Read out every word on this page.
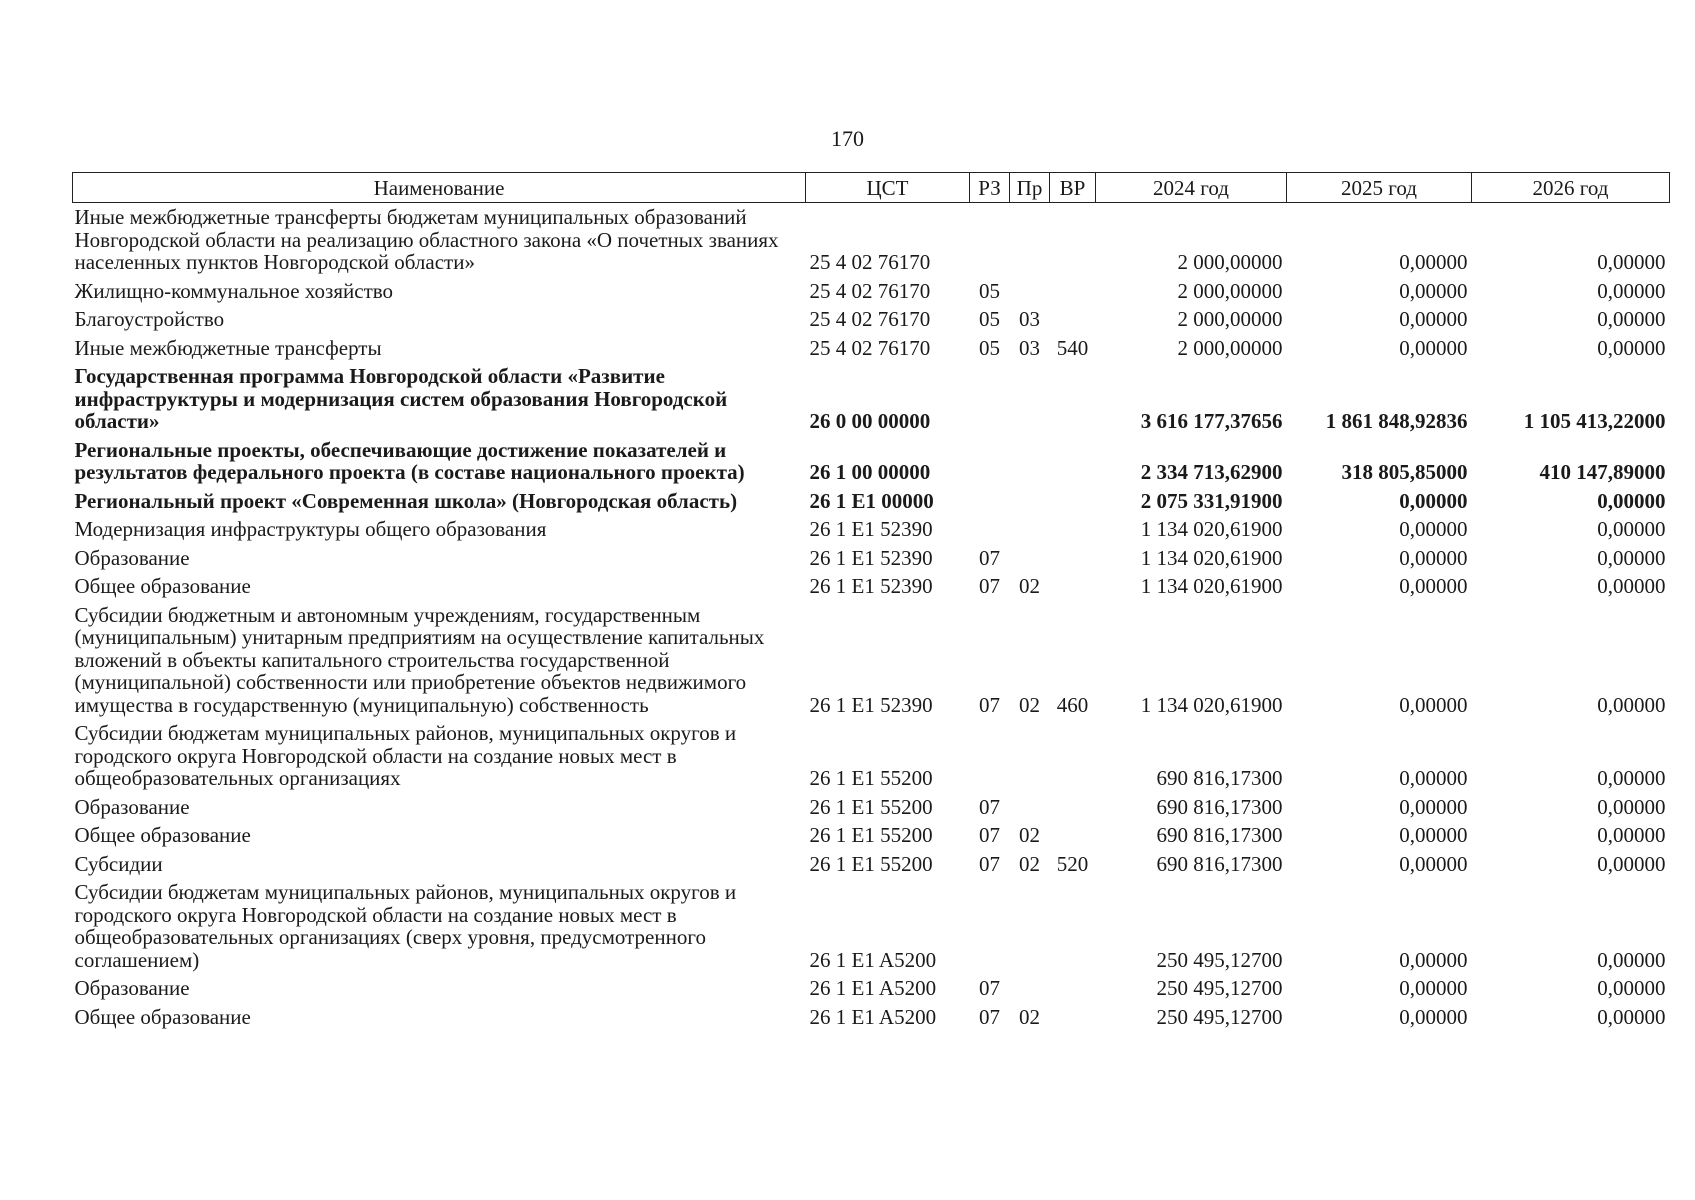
170
Наименование	ЦСТ	РЗ	Пр	ВР	2024 год	2025 год	2026 год
Иные межбюджетные трансферты бюджетам муниципальных образований Новгородской области на реализацию областного закона «О почетных званиях населенных пунктов Новгородской области»	25 4 02 76170				2 000,00000	0,00000	0,00000
Жилищно-коммунальное хозяйство	25 4 02 76170	05			2 000,00000	0,00000	0,00000
Благоустройство	25 4 02 76170	05	03		2 000,00000	0,00000	0,00000
Иные межбюджетные трансферты	25 4 02 76170	05	03	540	2 000,00000	0,00000	0,00000
Государственная программа Новгородской области «Развитие инфраструктуры и модернизация систем образования Новгородской области»	26 0 00 00000				3 616 177,37656	1 861 848,92836	1 105 413,22000
Региональные проекты, обеспечивающие достижение показателей и результатов федерального проекта (в составе национального проекта)	26 1 00 00000				2 334 713,62900	318 805,85000	410 147,89000
Региональный проект «Современная школа» (Новгородская область)	26 1 E1 00000				2 075 331,91900	0,00000	0,00000
Модернизация инфраструктуры общего образования	26 1 E1 52390				1 134 020,61900	0,00000	0,00000
Образование	26 1 E1 52390	07			1 134 020,61900	0,00000	0,00000
Общее образование	26 1 E1 52390	07	02		1 134 020,61900	0,00000	0,00000
Субсидии бюджетным и автономным учреждениям, государственным (муниципальным) унитарным предприятиям на осуществление капитальных вложений в объекты капитального строительства государственной (муниципальной) собственности или приобретение объектов недвижимого имущества в государственную (муниципальную) собственность	26 1 E1 52390	07	02	460	1 134 020,61900	0,00000	0,00000
Субсидии бюджетам муниципальных районов, муниципальных округов и городского округа Новгородской области на создание новых мест в общеобразовательных организациях	26 1 E1 55200				690 816,17300	0,00000	0,00000
Образование	26 1 E1 55200	07			690 816,17300	0,00000	0,00000
Общее образование	26 1 E1 55200	07	02		690 816,17300	0,00000	0,00000
Субсидии	26 1 E1 55200	07	02	520	690 816,17300	0,00000	0,00000
Субсидии бюджетам муниципальных районов, муниципальных округов и городского округа Новгородской области на создание новых мест в общеобразовательных организациях (сверх уровня, предусмотренного соглашением)	26 1 E1 A5200				250 495,12700	0,00000	0,00000
Образование	26 1 E1 A5200	07			250 495,12700	0,00000	0,00000
Общее образование	26 1 E1 A5200	07	02		250 495,12700	0,00000	0,00000
